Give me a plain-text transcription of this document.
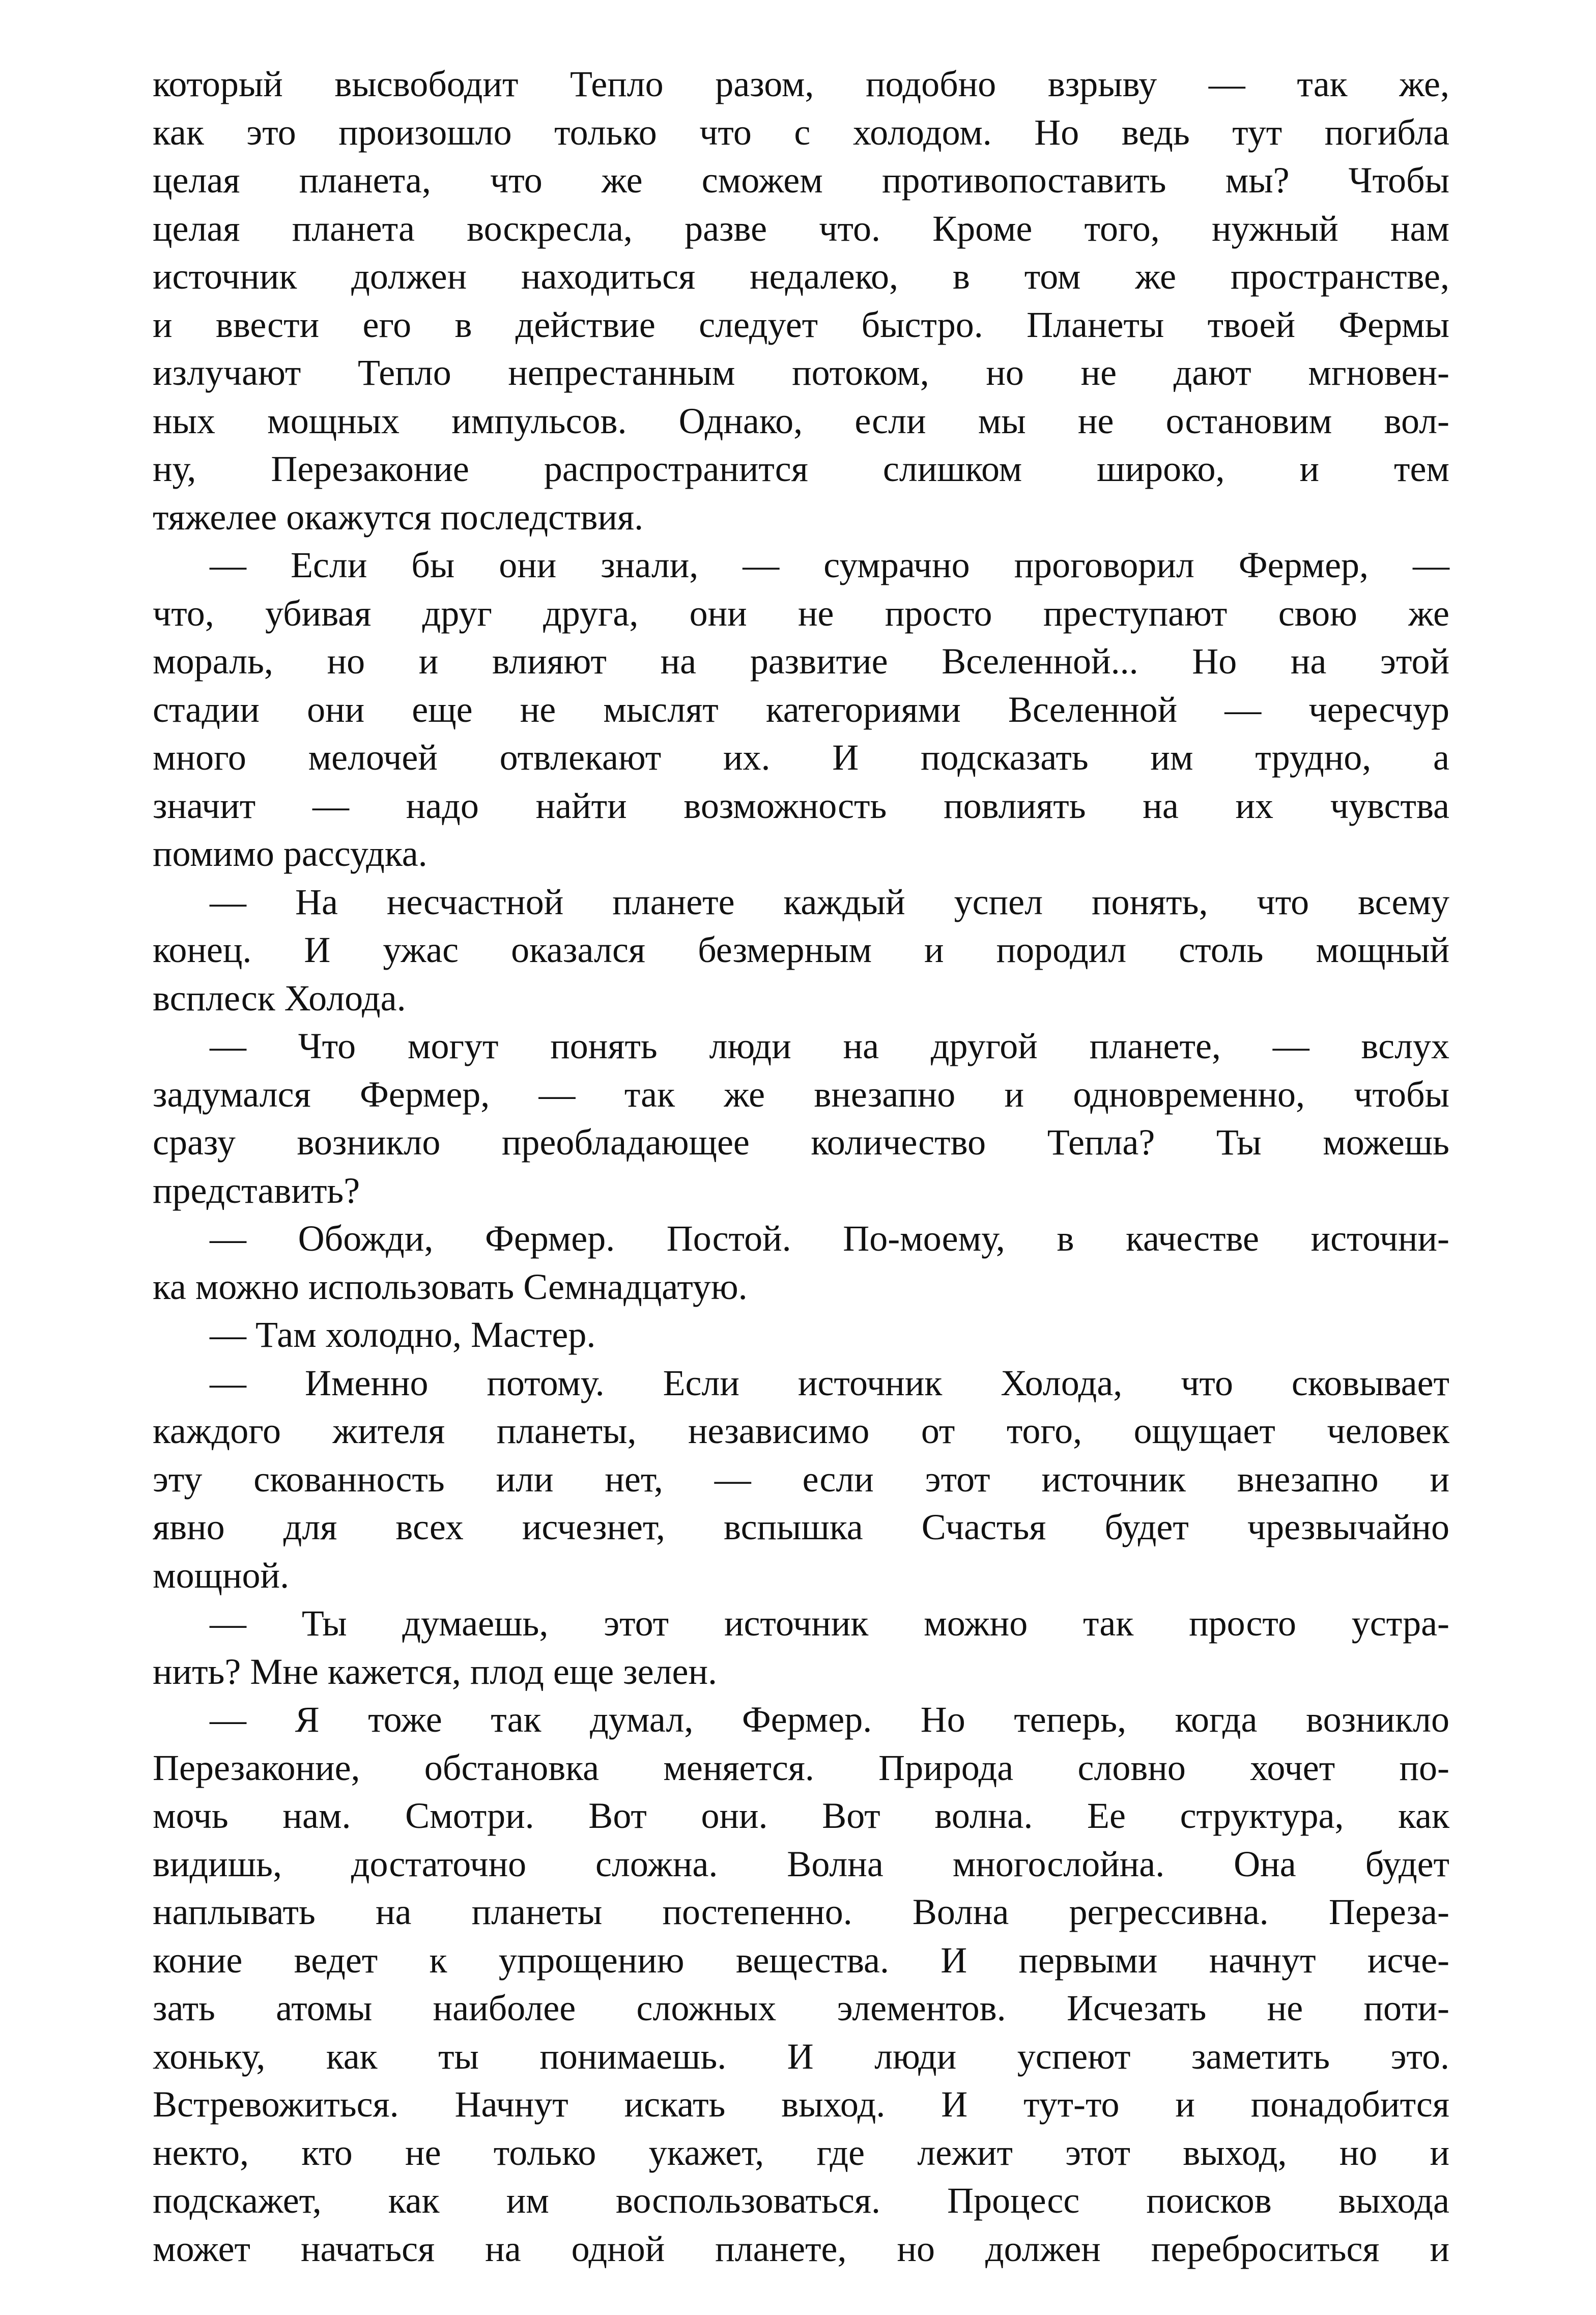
который высвободит Тепло разом, подобно взрыву — так же,
как это произошло только что с холодом. Но ведь тут погибла
целая планета, что же сможем противопоставить мы? Чтобы
целая планета воскресла, разве что. Кроме того, нужный нам
источник должен находиться недалеко, в том же пространстве,
и ввести его в действие следует быстро. Планеты твоей Фермы
излучают Тепло непрестанным потоком, но не дают мгновен-
ных мощных импульсов. Однако, если мы не остановим вол-
ну, Перезаконие распространится слишком широко, и тем
тяжелее окажутся последствия.
— Если бы они знали, — сумрачно проговорил Фермер, —
что, убивая друг друга, они не просто преступают свою же
мораль, но и влияют на развитие Вселенной... Но на этой
стадии они еще не мыслят категориями Вселенной — чересчур
много мелочей отвлекают их. И подсказать им трудно, а
значит — надо найти возможность повлиять на их чувства
помимо рассудка.
— На несчастной планете каждый успел понять, что всему
конец. И ужас оказался безмерным и породил столь мощный
всплеск Холода.
— Что могут понять люди на другой планете, — вслух
задумался Фермер, — так же внезапно и одновременно, чтобы
сразу возникло преобладающее количество Тепла? Ты можешь
представить?
— Обожди, Фермер. Постой. По-моему, в качестве источни-
ка можно использовать Семнадцатую.
— Там холодно, Мастер.
— Именно потому. Если источник Холода, что сковывает
каждого жителя планеты, независимо от того, ощущает человек
эту скованность или нет, — если этот источник внезапно и
явно для всех исчезнет, вспышка Счастья будет чрезвычайно
мощной.
— Ты думаешь, этот источник можно так просто устра-
нить? Мне кажется, плод еще зелен.
— Я тоже так думал, Фермер. Но теперь, когда возникло
Перезаконие, обстановка меняется. Природа словно хочет по-
мочь нам. Смотри. Вот они. Вот волна. Ее структура, как
видишь, достаточно сложна. Волна многослойна. Она будет
наплывать на планеты постепенно. Волна регрессивна. Переза-
коние ведет к упрощению вещества. И первыми начнут исче-
зать атомы наиболее сложных элементов. Исчезать не пoти-
хоньку, как ты понимаешь. И люди успеют заметить это.
Встревожиться. Начнут искать выход. И тут-то и понадобится
некто, кто не только укажет, где лежит этот выход, но и
подскажет, как им воспользоваться. Процесс поисков выхода
может начаться на одной планете, но должен переброситься и
